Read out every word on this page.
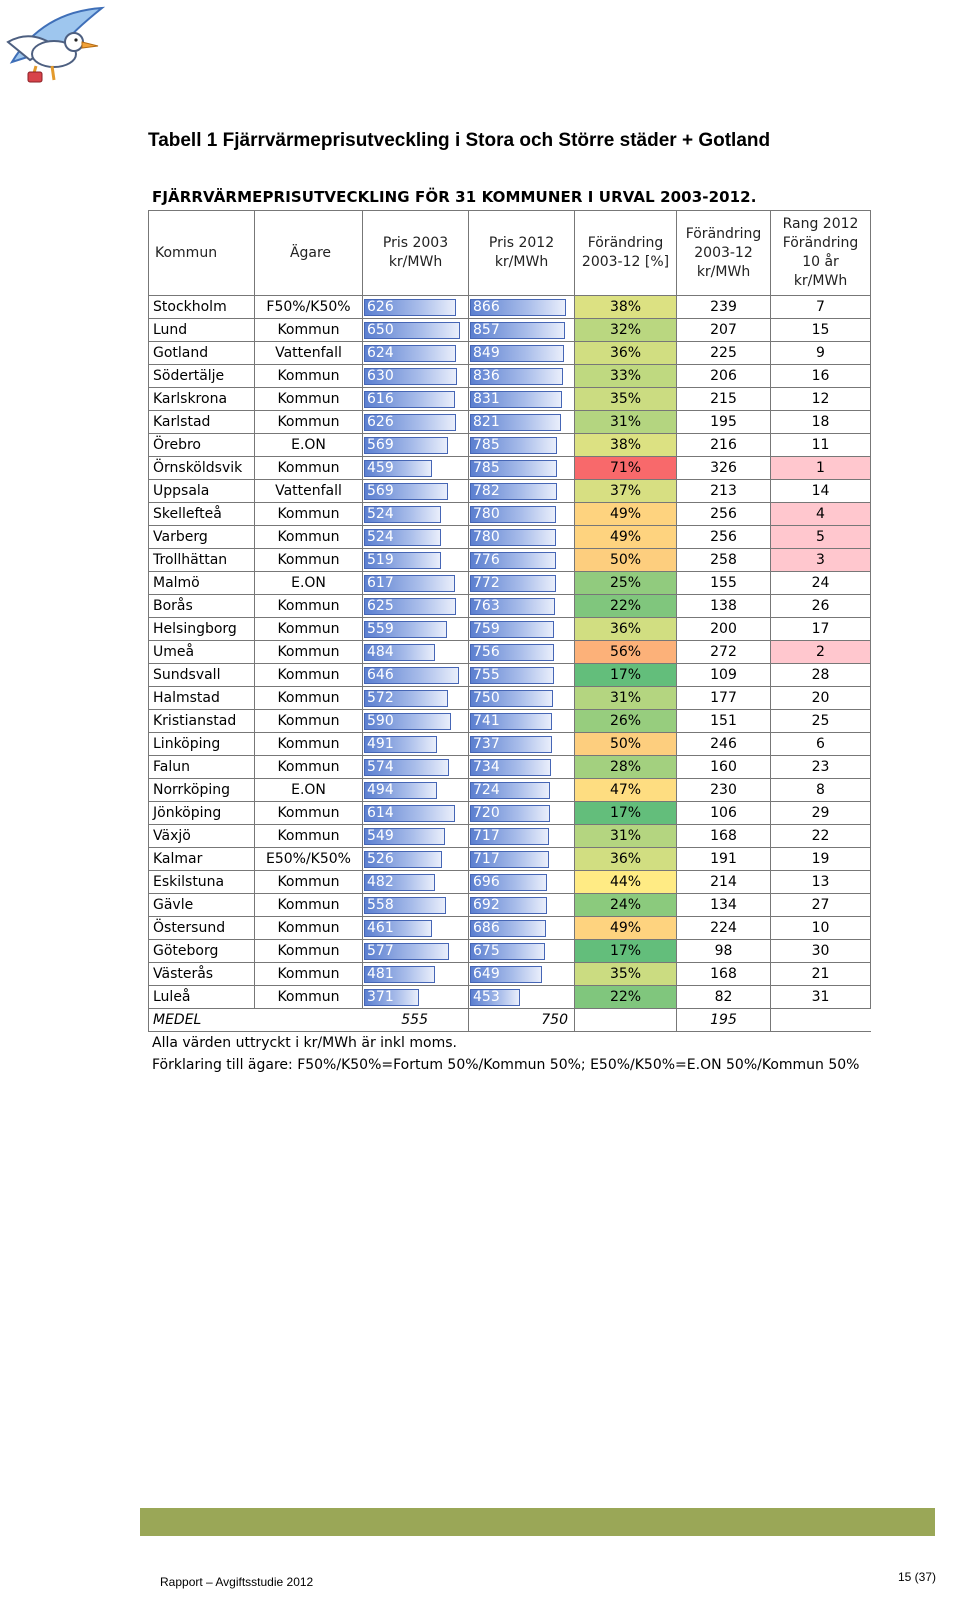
Tabell 1 Fjärrvärmeprisutveckling i Stora och Större städer + Gotland
FJÄRRVÄRMEPRISUTVECKLING FÖR 31 KOMMUNER I URVAL 2003-2012.
Kommun	Ägare	Pris 2003
kr/MWh	Pris 2012
kr/MWh	Förändring
2003-12 [%]	Förändring
2003-12
kr/MWh	Rang 2012
Förändring
10 år
kr/MWh
Stockholm	F50%/K50%	626	866	38%	239	7
Lund	Kommun	650	857	32%	207	15
Gotland	Vattenfall	624	849	36%	225	9
Södertälje	Kommun	630	836	33%	206	16
Karlskrona	Kommun	616	831	35%	215	12
Karlstad	Kommun	626	821	31%	195	18
Örebro	E.ON	569	785	38%	216	11
Örnsköldsvik	Kommun	459	785	71%	326	1
Uppsala	Vattenfall	569	782	37%	213	14
Skellefteå	Kommun	524	780	49%	256	4
Varberg	Kommun	524	780	49%	256	5
Trollhättan	Kommun	519	776	50%	258	3
Malmö	E.ON	617	772	25%	155	24
Borås	Kommun	625	763	22%	138	26
Helsingborg	Kommun	559	759	36%	200	17
Umeå	Kommun	484	756	56%	272	2
Sundsvall	Kommun	646	755	17%	109	28
Halmstad	Kommun	572	750	31%	177	20
Kristianstad	Kommun	590	741	26%	151	25
Linköping	Kommun	491	737	50%	246	6
Falun	Kommun	574	734	28%	160	23
Norrköping	E.ON	494	724	47%	230	8
Jönköping	Kommun	614	720	17%	106	29
Växjö	Kommun	549	717	31%	168	22
Kalmar	E50%/K50%	526	717	36%	191	19
Eskilstuna	Kommun	482	696	44%	214	13
Gävle	Kommun	558	692	24%	134	27
Östersund	Kommun	461	686	49%	224	10
Göteborg	Kommun	577	675	17%	98	30
Västerås	Kommun	481	649	35%	168	21
Luleå	Kommun	371	453	22%	82	31
MEDEL		555	750		195	
Alla värden uttryckt i kr/MWh är inkl moms.
Förklaring till ägare: F50%/K50%=Fortum 50%/Kommun 50%; E50%/K50%=E.ON 50%/Kommun 50%
Rapport – Avgiftsstudie 2012	15 (37)
